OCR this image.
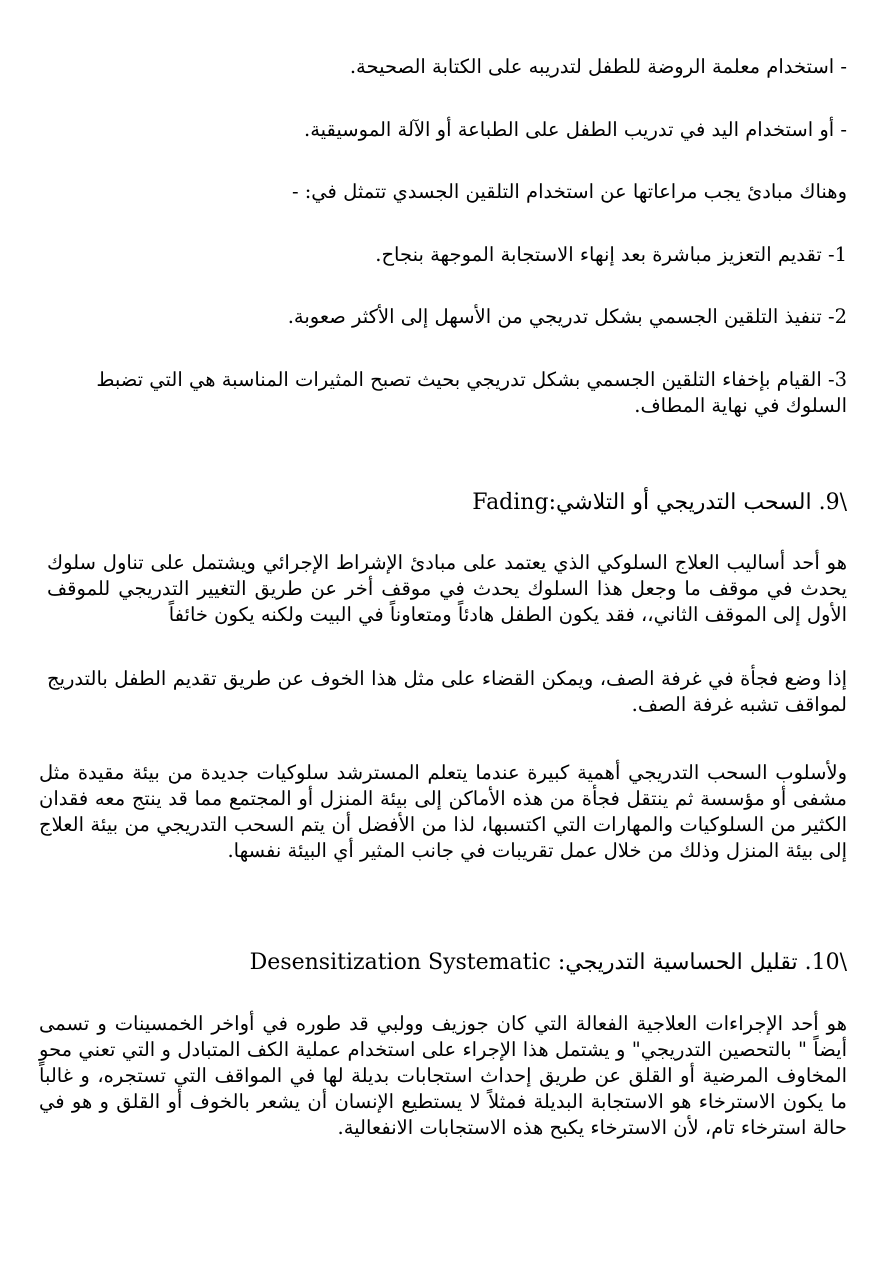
- استخدام معلمة الروضة للطفل لتدريبه على الكتابة الصحيحة.

- أو استخدام اليد في تدريب الطفل على الطباعة أو الآلة الموسيقية.

وهناك مبادئ يجب مراعاتها عن استخدام التلقين الجسدي تتمثل في: -

1- تقديم التعزيز مباشرة بعد إنهاء الاستجابة الموجهة بنجاح.

2- تنفيذ التلقين الجسمي بشكل تدريجي من الأسهل إلى الأكثر صعوبة.

3- القيام بإخفاء التلقين الجسمي بشكل تدريجي بحيث تصبح المثيرات المناسبة هي التي تضبط السلوك في نهاية المطاف.

\9. السحب التدريجي أو التلاشي:Fading

هو أحد أساليب العلاج السلوكي الذي يعتمد على مبادئ الإشراط الإجرائي ويشتمل على تناول سلوك يحدث في موقف ما وجعل هذا السلوك يحدث في موقف أخر عن طريق التغيير التدريجي للموقف الأول إلى الموقف الثاني،، فقد يكون الطفل هادئاً ومتعاوناً في البيت ولكنه يكون خائفاً

إذا وضع فجأة في غرفة الصف، ويمكن القضاء على مثل هذا الخوف عن طريق تقديم الطفل بالتدريج لمواقف تشبه غرفة الصف.

ولأسلوب السحب التدريجي أهمية كبيرة عندما يتعلم المسترشد سلوكيات جديدة من بيئة مقيدة مثل مشفى أو مؤسسة ثم ينتقل فجأة من هذه الأماكن إلى بيئة المنزل أو المجتمع مما قد ينتج معه فقدان الكثير من السلوكيات والمهارات التي اكتسبها، لذا من الأفضل أن يتم السحب التدريجي من بيئة العلاج إلى بيئة المنزل وذلك من خلال عمل تقريبات في جانب المثير أي البيئة نفسها.

\10. تقليل الحساسية التدريجي: Desensitization Systematic

هو أحد الإجراءات العلاجية الفعالة التي كان جوزيف وولبي قد طوره في أواخر الخمسينات و تسمى أيضاً " بالتحصين التدريجي" و يشتمل هذا الإجراء على استخدام عملية الكف المتبادل و التي تعني محو المخاوف المرضية أو القلق عن طريق إحداث استجابات بديلة لها في المواقف التي تستجره، و غالباً ما يكون الاسترخاء هو الاستجابة البديلة فمثلاً لا يستطيع الإنسان أن يشعر بالخوف أو القلق و هو في حالة استرخاء تام، لأن الاسترخاء يكبح هذه الاستجابات الانفعالية.
